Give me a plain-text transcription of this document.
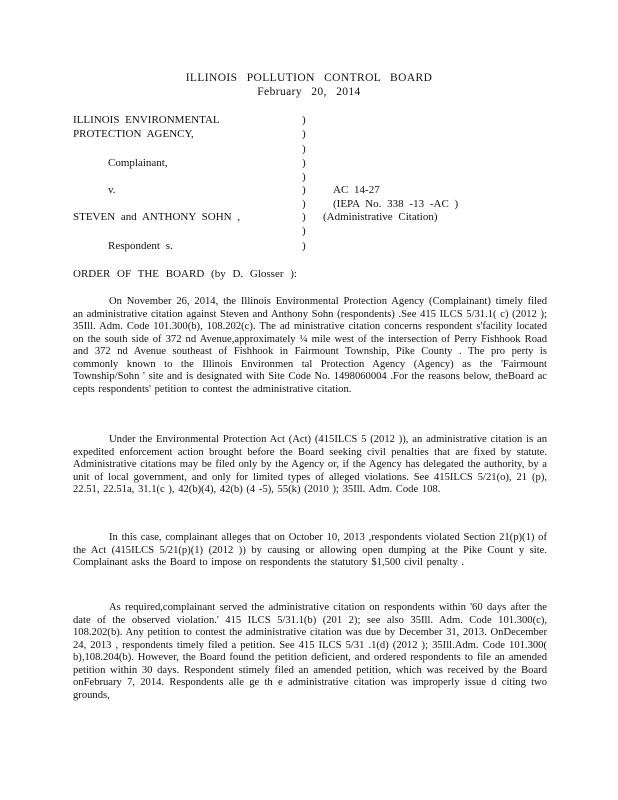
ILLINOIS POLLUTION CONTROL BOARD
February 20, 2014
ILLINOIS ENVIRONMENTAL
PROTECTION AGENCY,
Complainant,
v.
STEVEN and ANTHONY SOHN ,
Respondent s.
AC 14-27
(IEPA No. 338 -13 -AC )
(Administrative Citation)
)
)
)
)
)
)
)
)
)
)
ORDER OF THE BOARD (by D. Glosser ):
On November 26, 2014, the Illinois Environmental Protection Agency (Complainant) timely filed an administrative citation against Steven and Anthony Sohn (respondents) .See 415 ILCS 5/31.1( c) (2012 ); 35Ill. Adm. Code 101.300(b), 108.202(c). The ad ministrative citation concerns respondent s'facility located on the south side of 372 nd Avenue,approximately ¼ mile west of the intersection of Perry Fishhook Road and 372 nd Avenue southeast of Fishhook in Fairmount Township, Pike County . The pro perty is commonly known to the Illinois Environmen tal Protection Agency (Agency) as the 'Fairmount Township/Sohn ' site and is designated with Site Code No. 1498060004 .For the reasons below, theBoard ac cepts respondents' petition to contest the administrative citation.
Under the Environmental Protection Act (Act) (415ILCS 5 (2012 )), an administrative citation is an expedited enforcement action brought before the Board seeking civil penalties that are fixed by statute. Administrative citations may be filed only by the Agency or, if the Agency has delegated the authority, by a unit of local government, and only for limited types of alleged violations. See 415ILCS 5/21(o), 21 (p), 22.51, 22.51a, 31.1(c ), 42(b)(4), 42(b) (4 -5), 55(k) (2010 ); 35Ill. Adm. Code 108.
In this case, complainant alleges that on October 10, 2013 ,respondents violated Section 21(p)(1) of the Act (415ILCS 5/21(p)(1) (2012 )) by causing or allowing open dumping at the Pike Count y site. Complainant asks the Board to impose on respondents the statutory $1,500 civil penalty .
As required,complainant served the administrative citation on respondents within '60 days after the date of the observed violation.' 415 ILCS 5/31.1(b) (201 2); see also 35Ill. Adm. Code 101.300(c), 108.202(b). Any petition to contest the administrative citation was due by December 31, 2013. OnDecember 24, 2013 , respondents timely filed a petition. See 415 ILCS 5/31 .1(d) (2012 ); 35Ill.Adm. Code 101.300( b),108.204(b). However, the Board found the petition deficient, and ordered respondents to file an amended petition within 30 days. Respondent stimely filed an amended petition, which was received by the Board onFebruary 7, 2014. Respondents alle ge th e administrative citation was improperly issue d citing two grounds,
